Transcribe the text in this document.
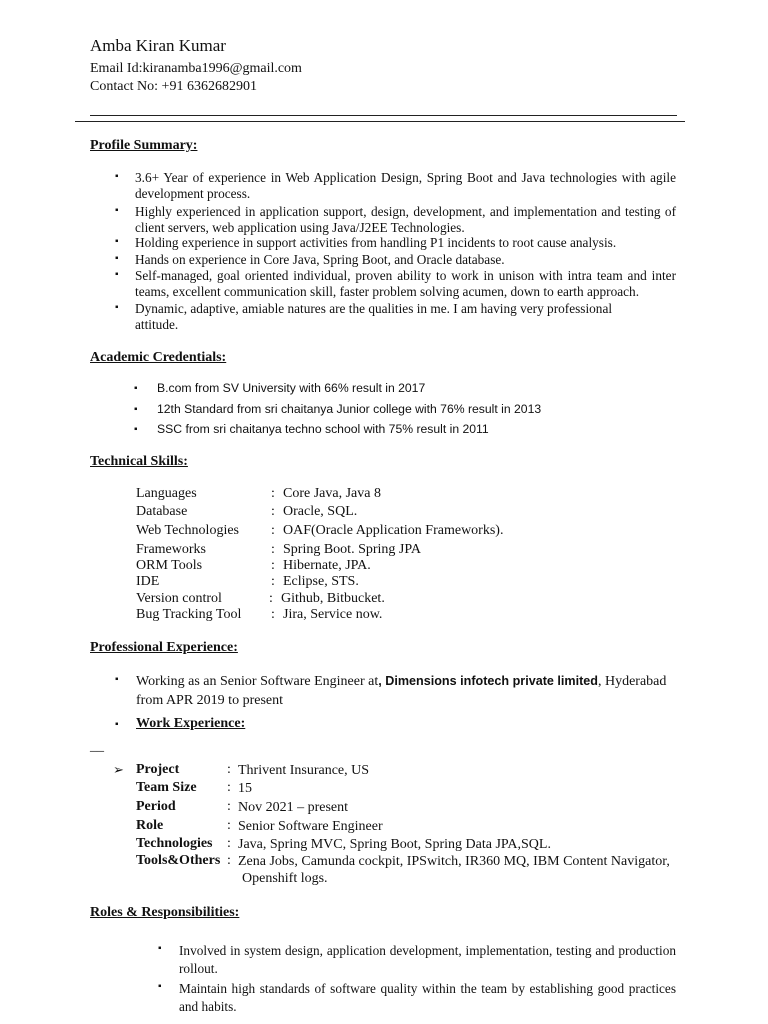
Amba Kiran Kumar
Email Id:kiranamba1996@gmail.com
Contact No: +91 6362682901
Profile Summary:
▪ 3.6+ Year of experience in Web Application Design, Spring Boot and Java technologies with agile development process.
▪ Highly experienced in application support, design, development, and implementation and testing of client servers, web application using Java/J2EE Technologies.
▪ Holding experience in support activities from handling P1 incidents to root cause analysis.
▪ Hands on experience in Core Java, Spring Boot, and Oracle database.
▪ Self-managed, goal oriented individual, proven ability to work in unison with intra team and inter teams, excellent communication skill, faster problem solving acumen, down to earth approach.
▪ Dynamic, adaptive, amiable natures are the qualities in me. I am having very professional attitude.
Academic Credentials:
▪ B.com from SV University with 66% result in 2017
▪ 12th Standard from sri chaitanya Junior college with 76% result in 2013
▪ SSC from sri chaitanya techno school with 75% result in 2011
Technical Skills:
Languages	: Core Java, Java 8
Database	: Oracle, SQL.
Web Technologies : OAF(Oracle Application Frameworks).
Frameworks	: Spring Boot. Spring JPA
ORM Tools	: Hibernate, JPA.
IDE	: Eclipse, STS.
Version control	: Github, Bitbucket.
Bug Tracking Tool : Jira, Service now.
Professional Experience:
▪ Working as an Senior Software Engineer at, Dimensions infotech private limited, Hyderabad
from APR 2019 to present
▪ Work Experience:
__
➢ Project	: Thrivent Insurance, US
Team Size : 15
Period	: Nov 2021 – present
Role	: Senior Software Engineer
Technologies : Java, Spring MVC, Spring Boot, Spring Data JPA,SQL.
Tools&Others : Zena Jobs, Camunda cockpit, IPSwitch, IR360 MQ, IBM Content Navigator,
Openshift logs.
Roles & Responsibilities:
▪ Involved in system design, application development, implementation, testing and production rollout.
▪ Maintain high standards of software quality within the team by establishing good practices and habits.
